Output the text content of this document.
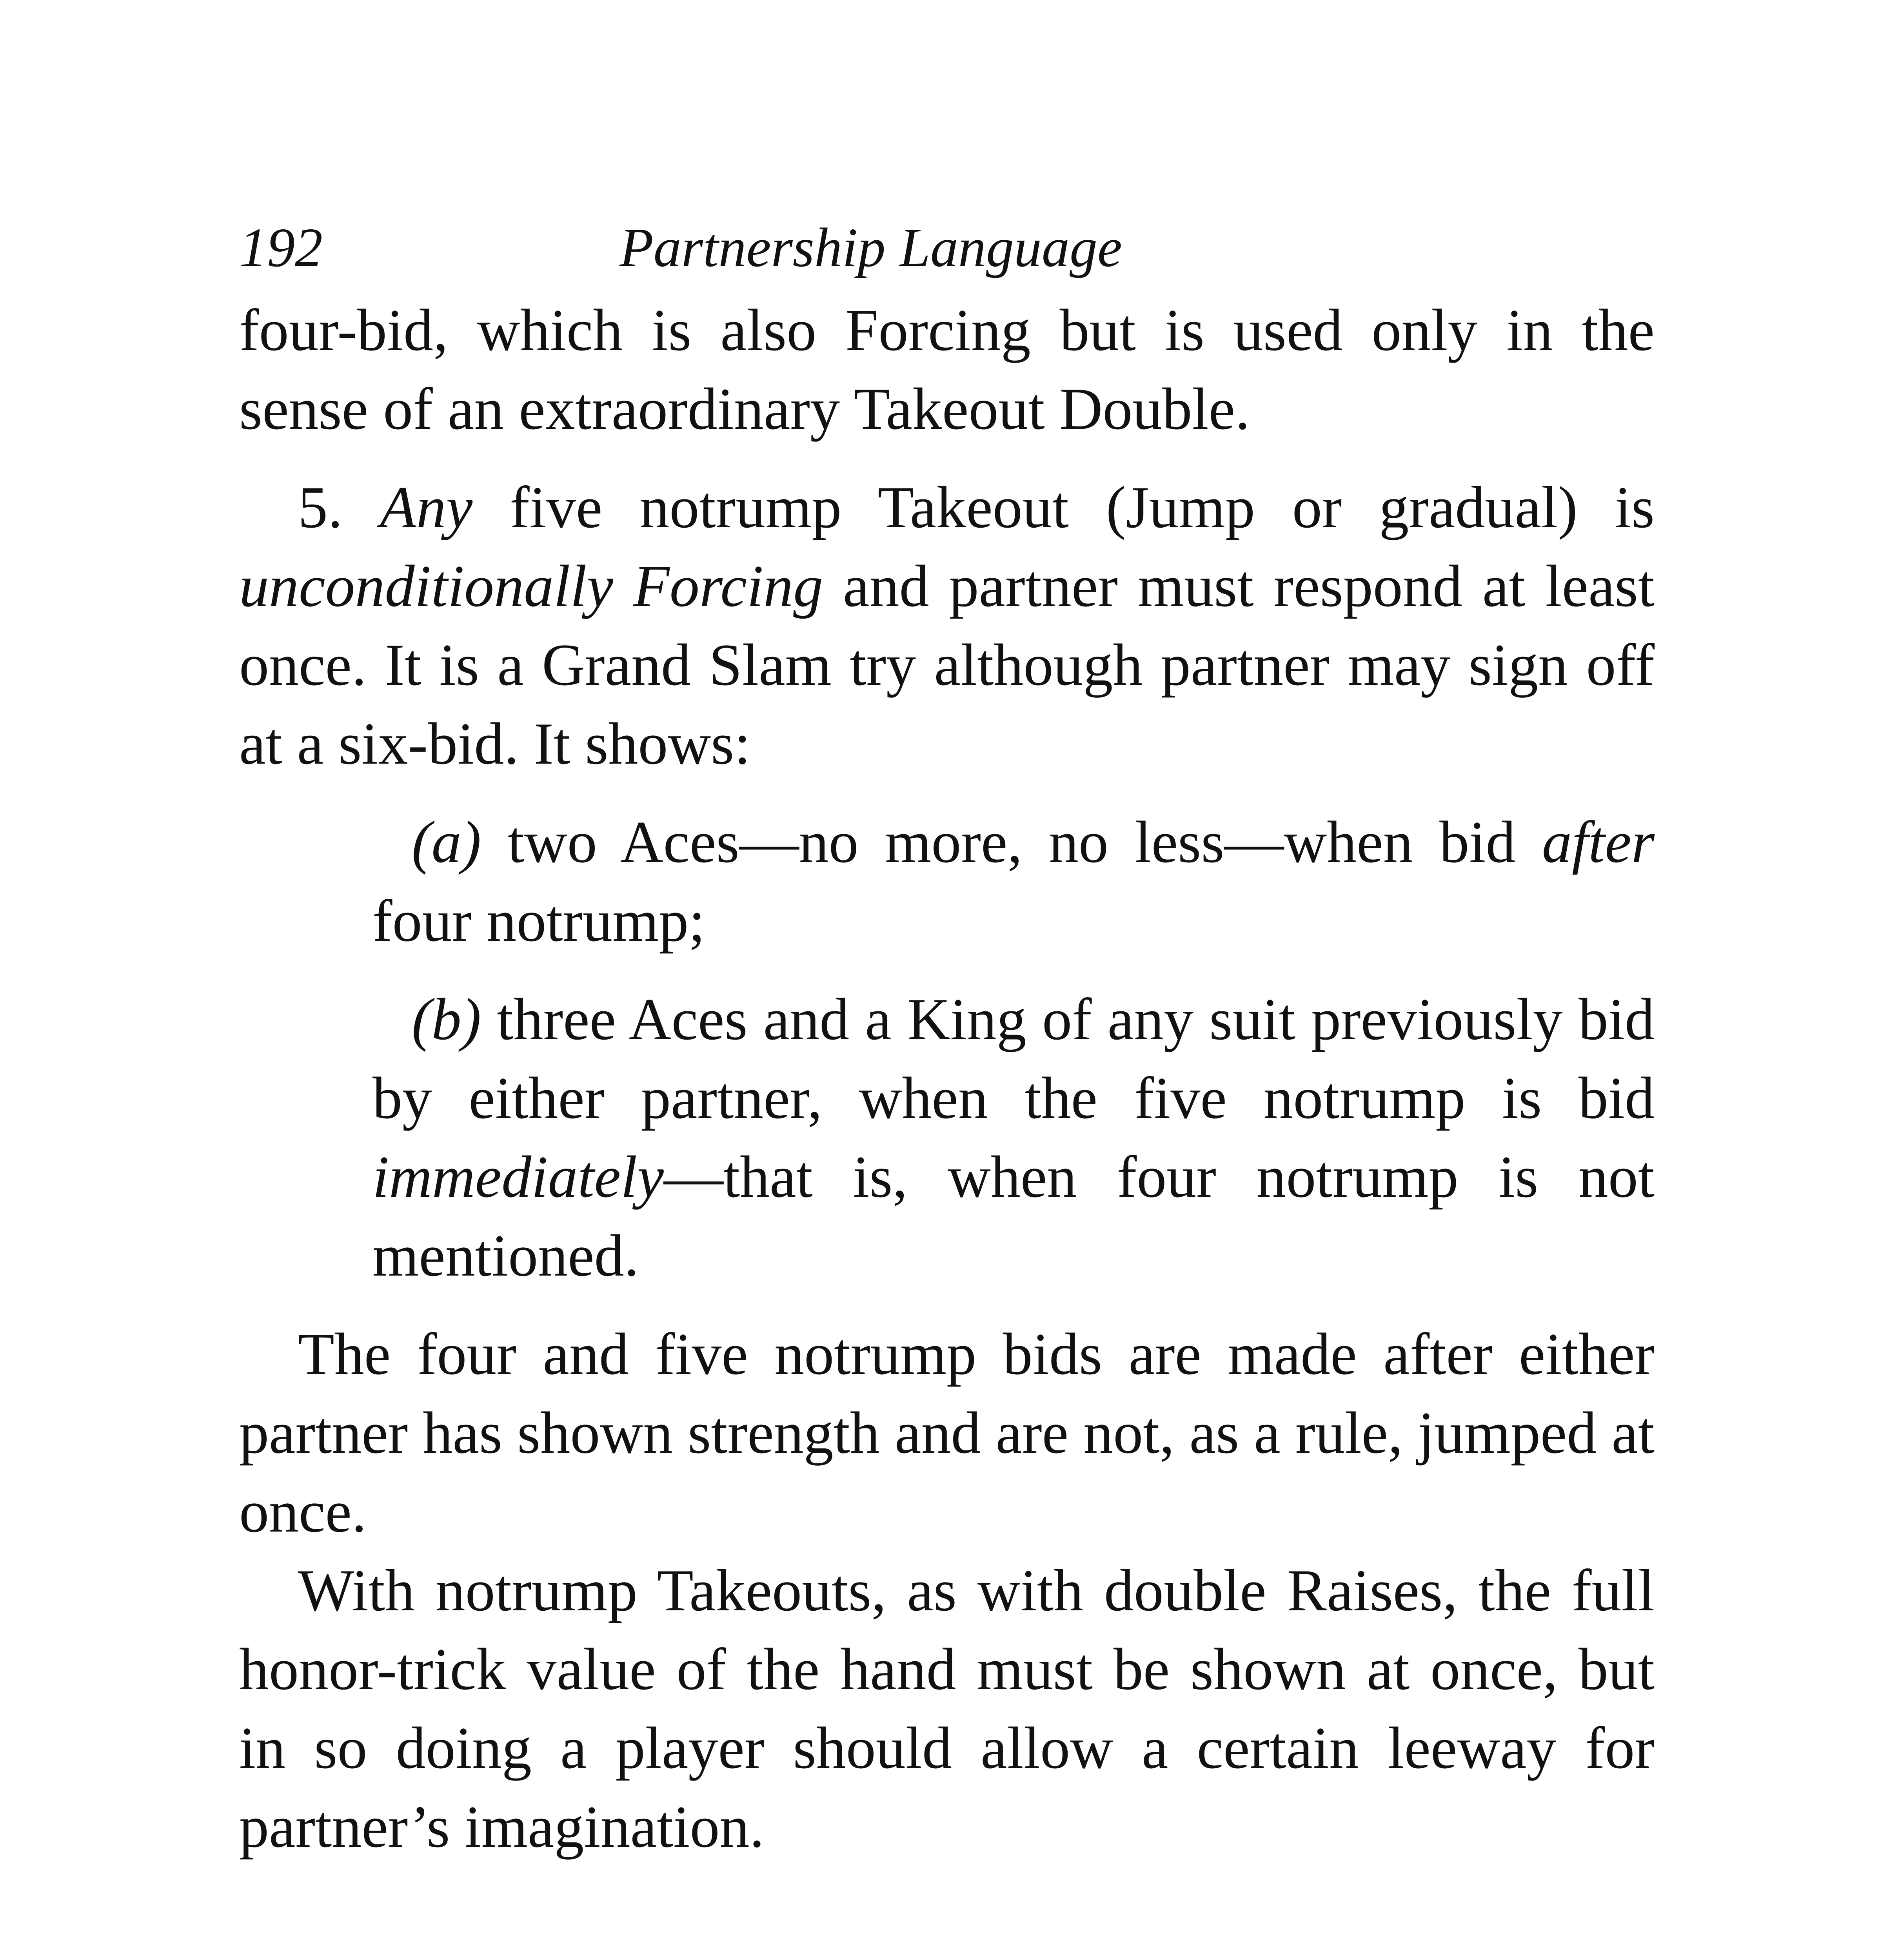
192	Partnership Language

four-bid, which is also Forcing but is used only in the sense of an extraordinary Takeout Double.

5. Any five notrump Takeout (Jump or gradual) is unconditionally Forcing and partner must respond at least once. It is a Grand Slam try although partner may sign off at a six-bid. It shows:

(a) two Aces—no more, no less—when bid after four notrump;

(b) three Aces and a King of any suit previously bid by either partner, when the five notrump is bid immediately—that is, when four notrump is not mentioned.

The four and five notrump bids are made after either partner has shown strength and are not, as a rule, jumped at once.

With notrump Takeouts, as with double Raises, the full honor-trick value of the hand must be shown at once, but in so doing a player should allow a certain leeway for partner’s imagination.
